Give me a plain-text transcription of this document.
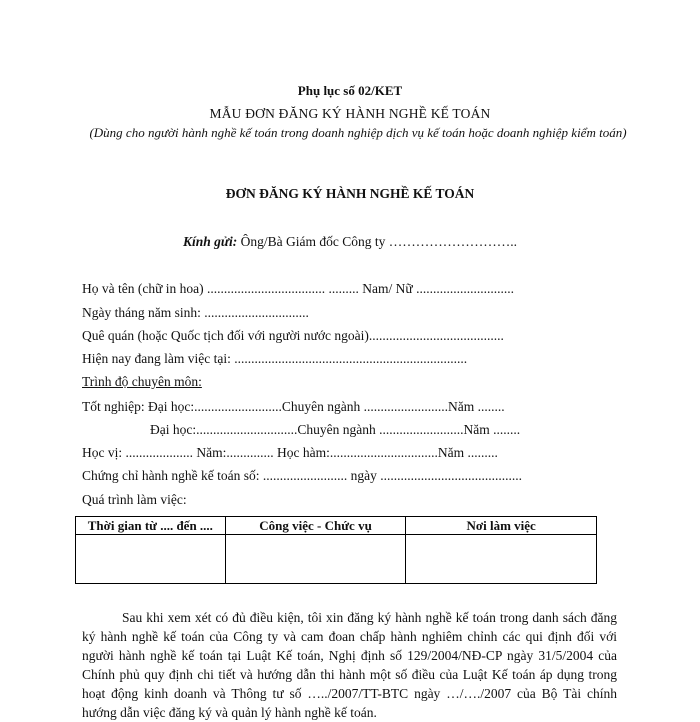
Phụ lục số 02/KET
MẪU ĐƠN ĐĂNG KÝ HÀNH NGHỀ KẾ TOÁN
(Dùng cho người hành nghề kế toán trong doanh nghiệp dịch vụ kế toán hoặc doanh nghiệp kiểm toán)
ĐƠN ĐĂNG KÝ HÀNH NGHỀ KẾ TOÁN
Kính gửi: Ông/Bà Giám đốc Công ty ………………………..
Họ và tên (chữ in hoa) ................................... ......... Nam/ Nữ .............................
Ngày tháng năm sinh: ...............................
Quê quán (hoặc Quốc tịch đối với người nước ngoài)........................................
Hiện nay đang làm việc tại: .....................................................................
Trình độ chuyên môn:
Tốt nghiệp: Đại học:..........................Chuyên ngành .........................Năm ........
Đại học:..............................Chuyên ngành .........................Năm ........
Học vị: .................... Năm:.............. Học hàm:................................Năm .........
Chứng chỉ hành nghề kế toán số: ......................... ngày ..........................................
Quá trình làm việc:
Thời gian từ .... đến ....	Công việc - Chức vụ	Nơi làm việc

Sau khi xem xét có đủ điều kiện, tôi xin đăng ký hành nghề kế toán trong danh sách đăng ký hành nghề kế toán của Công ty và cam đoan chấp hành nghiêm chỉnh các qui định đối với người hành nghề kế toán tại Luật Kế toán, Nghị định số 129/2004/NĐ-CP ngày 31/5/2004 của Chính phủ quy định chi tiết và hướng dẫn thi hành một số điều của Luật Kế toán áp dụng trong hoạt động kinh doanh và Thông tư số …../2007/TT-BTC ngày …/…./2007 của Bộ Tài chính hướng dẫn việc đăng ký và quản lý hành nghề kế toán.
